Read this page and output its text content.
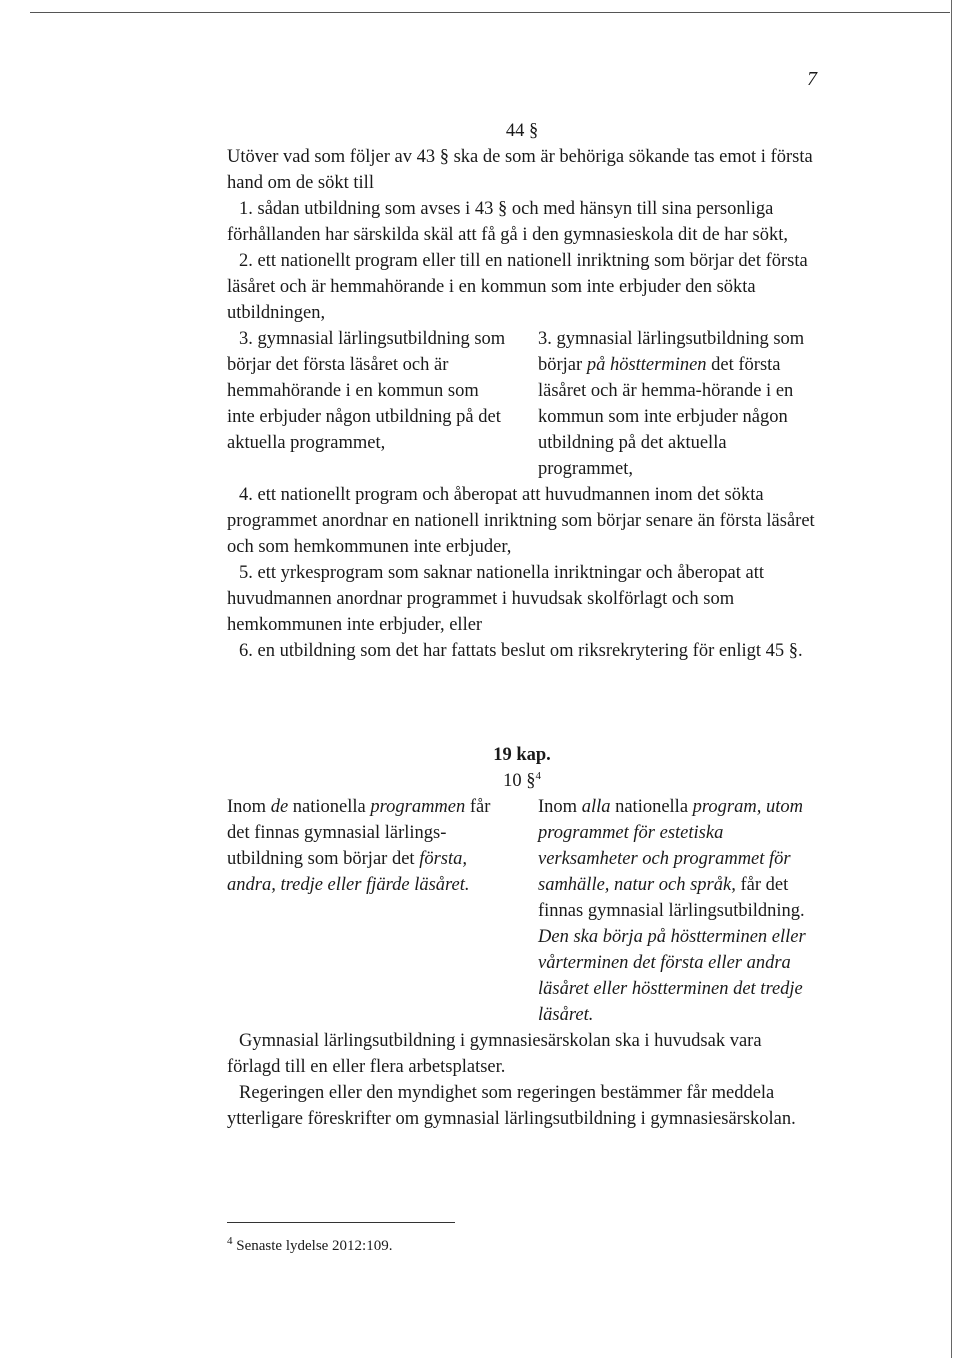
7

44 §

Utöver vad som följer av 43 § ska de som är behöriga sökande tas emot i första hand om de sökt till

1. sådan utbildning som avses i 43 § och med hänsyn till sina personliga förhållanden har särskilda skäl att få gå i den gymnasieskola dit de har sökt,

2. ett nationellt program eller till en nationell inriktning som börjar det första läsåret och är hemmahörande i en kommun som inte erbjuder den sökta utbildningen,

3. gymnasial lärlingsutbildning som börjar det första läsåret och är hemmahörande i en kommun som inte erbjuder någon utbildning på det aktuella programmet,

3. gymnasial lärlingsutbildning som börjar på höstterminen det första läsåret och är hemma-hörande i en kommun som inte erbjuder någon utbildning på det aktuella programmet,

4. ett nationellt program och åberopat att huvudmannen inom det sökta programmet anordnar en nationell inriktning som börjar senare än första läsåret och som hemkommunen inte erbjuder,

5. ett yrkesprogram som saknar nationella inriktningar och åberopat att huvudmannen anordnar programmet i huvudsak skolförlagt och som hemkommunen inte erbjuder, eller

6. en utbildning som det har fattats beslut om riksrekrytering för enligt 45 §.

19 kap.

10 §$^4$

Inom de nationella programmen får det finnas gymnasial lärlings-utbildning som börjar det första, andra, tredje eller fjärde läsåret.

Inom alla nationella program, utom programmet för estetiska verksamheter och programmet för samhälle, natur och språk, får det finnas gymnasial lärlingsutbildning. Den ska börja på höstterminen eller vårterminen det första eller andra läsåret eller höstterminen det tredje läsåret.

Gymnasial lärlingsutbildning i gymnasiesärskolan ska i huvudsak vara förlagd till en eller flera arbetsplatser.

Regeringen eller den myndighet som regeringen bestämmer får meddela ytterligare föreskrifter om gymnasial lärlingsutbildning i gymnasiesärskolan.

$^4$ Senaste lydelse 2012:109.
